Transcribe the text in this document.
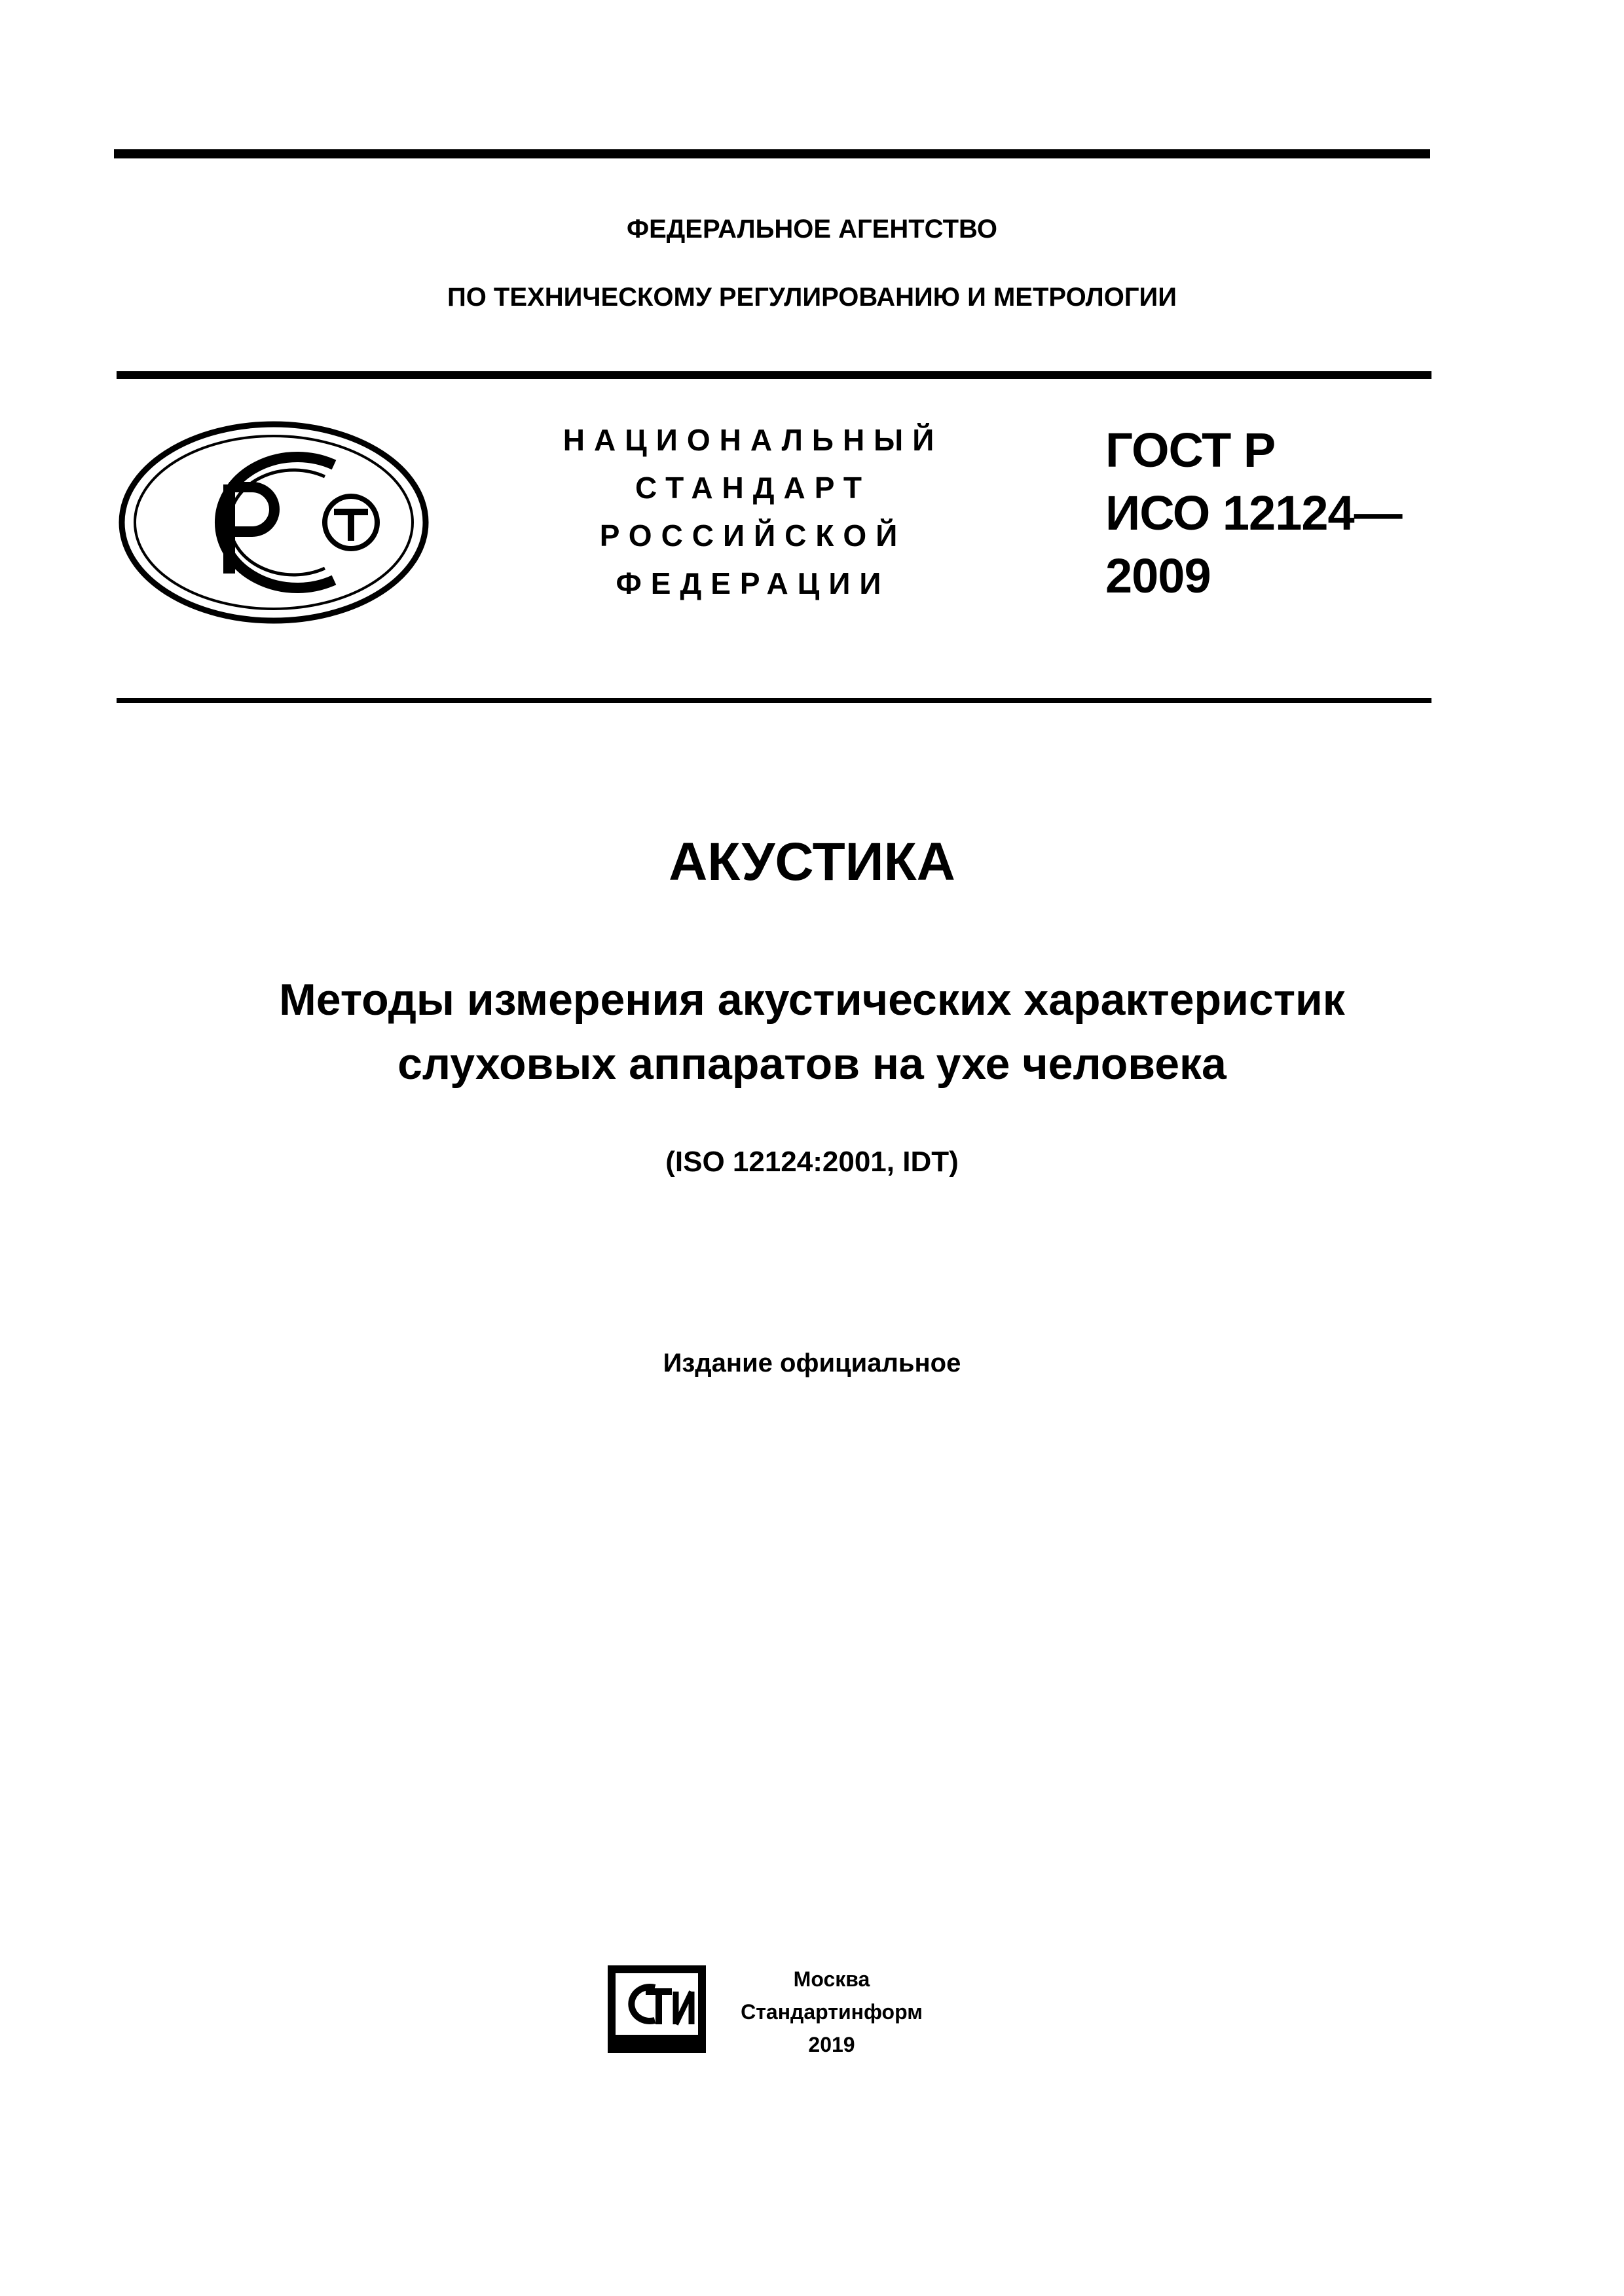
ФЕДЕРАЛЬНОЕ АГЕНТСТВО
ПО ТЕХНИЧЕСКОМУ РЕГУЛИРОВАНИЮ И МЕТРОЛОГИИ
НАЦИОНАЛЬНЫЙ
СТАНДАРТ
РОССИЙСКОЙ
ФЕДЕРАЦИИ
ГОСТ Р
ИСО 12124—
2009
АКУСТИКА
Методы измерения акустических характеристик
слуховых аппаратов на ухе человека
(ISO 12124:2001, IDT)
Издание официальное
Москва
Стандартинформ
2019
